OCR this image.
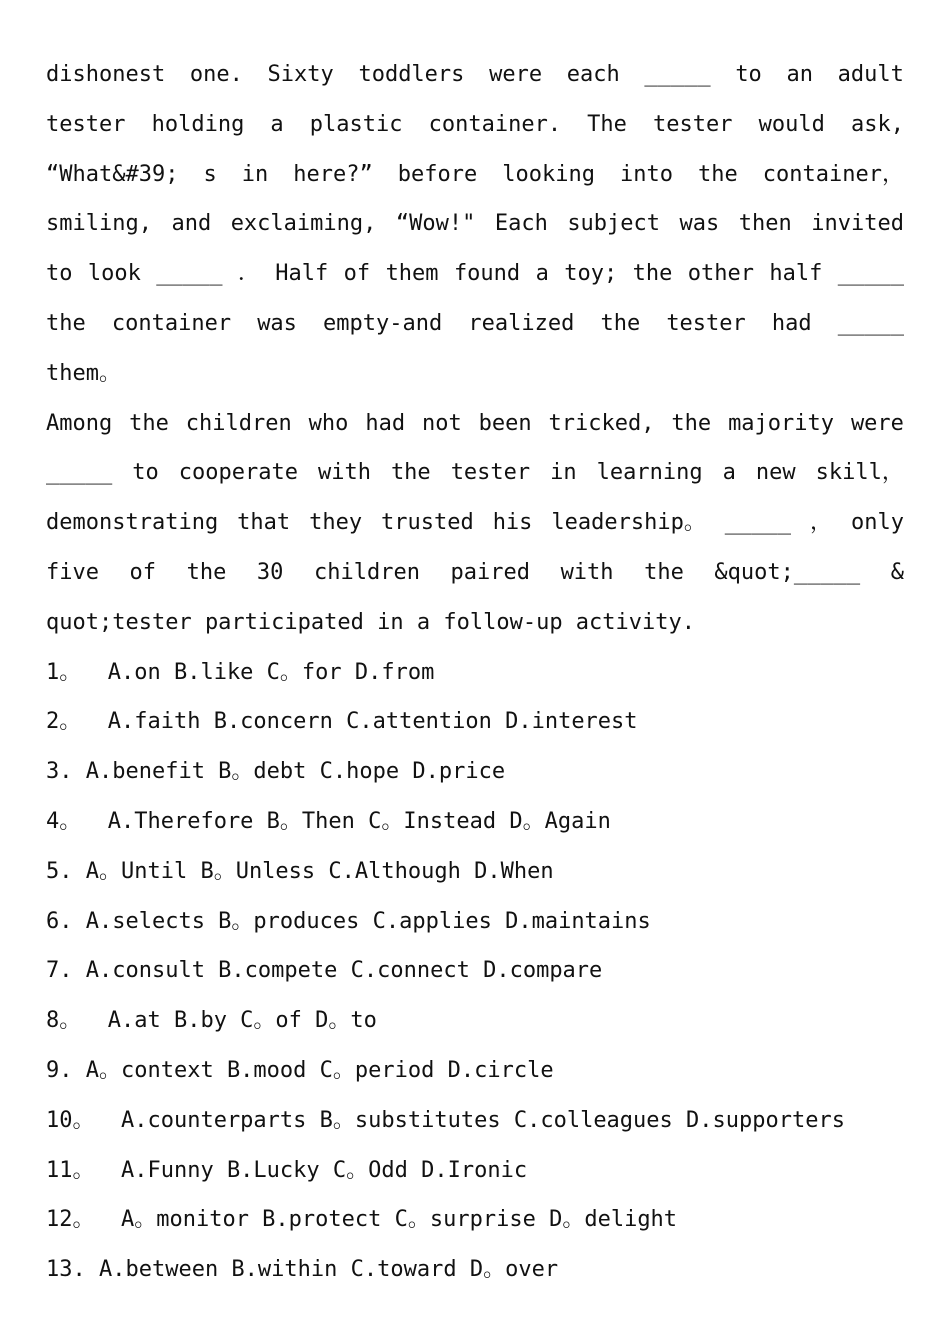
dishonest one. Sixty toddlers were each _____ to an adult
tester holding a plastic container. The tester would ask,
“What&#39; s in here?” before looking into the container，
smiling, and exclaiming, “Wow!" Each subject was then invited
to look _____ ． Half of them found a toy; the other half _____
the container was empty-and realized the tester had _____
them。
Among the children who had not been tricked, the majority were
_____ to cooperate with the tester in learning a new skill，
demonstrating that they trusted his leadership。 _____ ， only
five of the 30 children paired with the &quot;_____ &
quot;tester participated in a follow-up activity.
1。  A.on B.like C。for D.from
2。  A.faith B.concern C.attention D.interest
3. A.benefit B。debt C.hope D.price
4。  A.Therefore B。Then C。Instead D。Again
5. A。Until B。Unless C.Although D.When
6. A.selects B。produces C.applies D.maintains
7. A.consult B.compete C.connect D.compare
8。  A.at B.by C。of D。to
9. A。context B.mood C。period D.circle
10。  A.counterparts B。substitutes C.colleagues D.supporters
11。  A.Funny B.Lucky C。Odd D.Ironic
12。  A。monitor B.protect C。surprise D。delight
13. A.between B.within C.toward D。over
